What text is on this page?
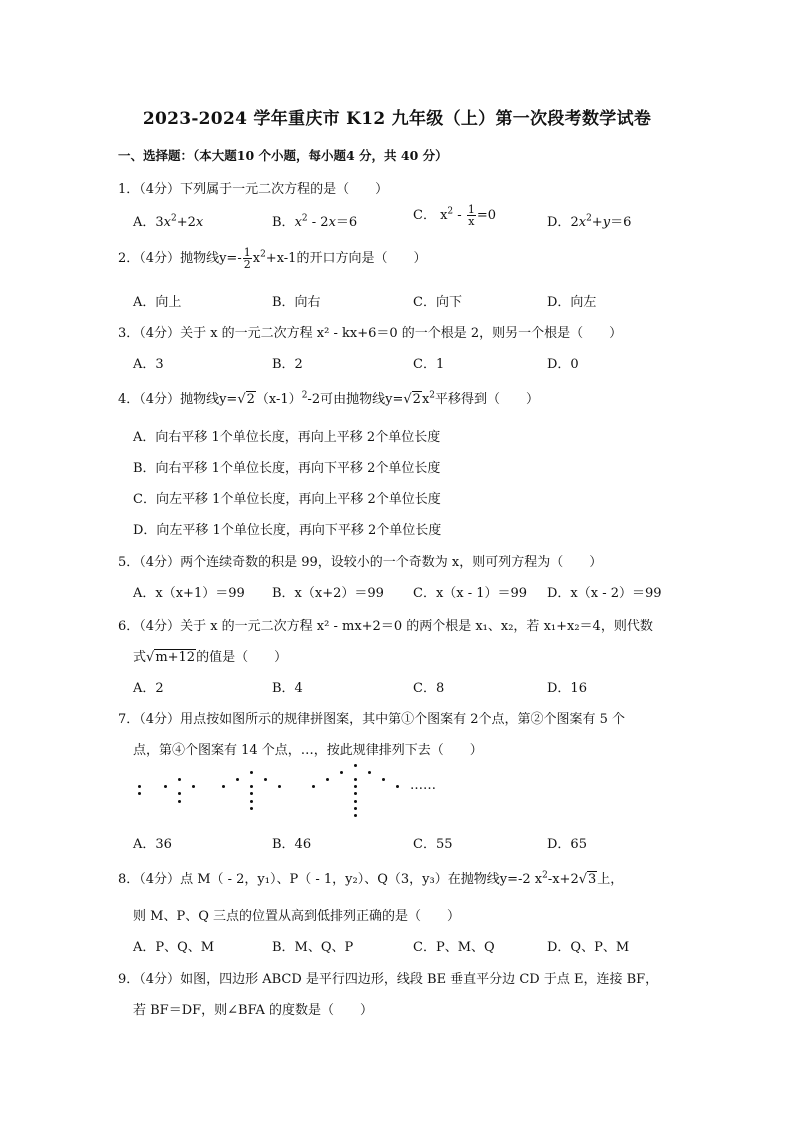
2023-2024 学年重庆市 K12 九年级（上）第一次段考数学试卷
一、选择题：（本大题10 个小题，每小题4 分，共 40 分）
1．（4分）下列属于一元二次方程的是（　　）
A．$3x^2+2x$	B．$x^2 - 2x=6$	C． $x^2 - \frac{1}{x} =0$	D．$2x^2+y=6$
2．（4分）抛物线$y=- \frac{1}{2} x^2+x-1$的开口方向是（　　）
A．向上	B．向右	C．向下	D．向左
3．（4分）关于 x 的一元二次方程 x² - kx+6＝0 的一个根是 2，则另一个根是（　　）
A．3	B．2	C．1	D．0
4．（4分）抛物线$y=√2(x-1)^2-2$可由抛物线$y=√2x^2$平移得到（　　）
A．向右平移 1个单位长度，再向上平移 2个单位长度
B．向右平移 1个单位长度，再向下平移 2个单位长度
C．向左平移 1个单位长度，再向上平移 2个单位长度
D．向左平移 1个单位长度，再向下平移 2个单位长度
5．（4分）两个连续奇数的积是 99，设较小的一个奇数为 x，则可列方程为（　　）
A．x（x+1）＝99 B．x（x+2）＝99 C．x（x - 1）＝99 D．x（x - 2）＝99
6．（4分）关于 x 的一元二次方程 x² - mx+2＝0 的两个根是 x₁、x₂，若 x₁+x₂＝4，则代数
式√m+12的值是（　　）
A．2	B．4	C．8	D．16
7．（4分）用点按如图所示的规律拼图案，其中第①个图案有 2个点，第②个图案有 5 个
点，第④个图案有 14 个点，…，按此规律排列下去（　　）
……
A．36	B．46	C．55	D．65
8．（4分）点 M（ - 2，y₁）、P（ - 1，y₂）、Q（3，y₃）在抛物线y=-2 $x^2-x+2√3$上，
则 M、P、Q 三点的位置从高到低排列正确的是（　　）
A．P、Q、M	B．M、Q、P	C．P、M、Q	D．Q、P、M
9．（4分）如图，四边形 ABCD 是平行四边形，线段 BE 垂直平分边 CD 于点 E，连接 BF，
若 BF＝DF，则∠BFA 的度数是（　　）
